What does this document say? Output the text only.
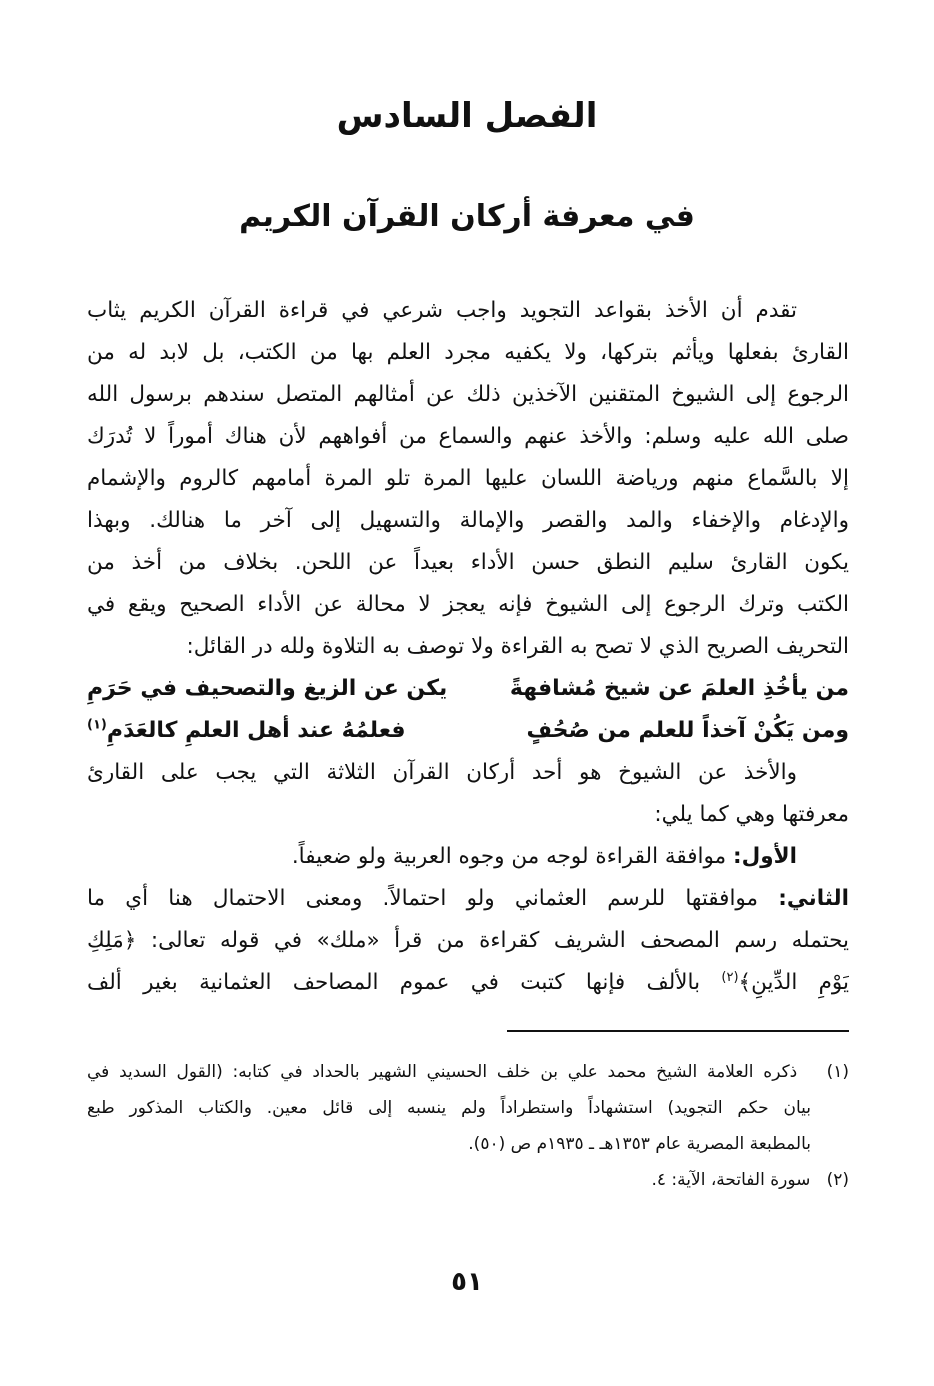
الفصل السادس
في معرفة أركان القرآن الكريم
تقدم أن الأخذ بقواعد التجويد واجب شرعي في قراءة القرآن الكريم يثاب
القارئ بفعلها ويأثم بتركها، ولا يكفيه مجرد العلم بها من الكتب، بل لابد له من
الرجوع إلى الشيوخ المتقنين الآخذين ذلك عن أمثالهم المتصل سندهم برسول الله
صلى الله عليه وسلم: والأخذ عنهم والسماع من أفواههم لأن هناك أموراً لا تُدرَك
إلا بالسَّماع منهم ورياضة اللسان عليها المرة تلو المرة أمامهم كالروم والإشمام
والإدغام والإخفاء والمد والقصر والإمالة والتسهيل إلى آخر ما هنالك. وبهذا
يكون القارئ سليم النطق حسن الأداء بعيداً عن اللحن. بخلاف من أخذ من
الكتب وترك الرجوع إلى الشيوخ فإنه يعجز لا محالة عن الأداء الصحيح ويقع في
التحريف الصريح الذي لا تصح به القراءة ولا توصف به التلاوة ولله در القائل:
من يأخُذِ العلمَ عن شيخ مُشافهةً
يكن عن الزيغ والتصحيف في حَرَمِ
ومن يَكُنْ آخذاً للعلم من صُحُفٍ
فعلمُهُ عند أهل العلمِ كالعَدَمِ$^{(١)}$
والأخذ عن الشيوخ هو أحد أركان القرآن الثلاثة التي يجب على القارئ
معرفتها وهي كما يلي:
الأول: موافقة القراءة لوجه من وجوه العربية ولو ضعيفاً.
الثاني: موافقتها للرسم العثماني ولو احتمالاً. ومعنى الاحتمال هنا أي ما
يحتمله رسم المصحف الشريف كقراءة من قرأ «ملك» في قوله تعالى: ﴿مَلِكِ
يَوْمِ الدِّينِ﴾$^{(٢)}$ بالألف فإنها كتبت في عموم المصاحف العثمانية بغير ألف
(١)   ذكره العلامة الشيخ محمد علي بن خلف الحسيني الشهير بالحداد في كتابه: (القول السديد في
بيان حكم التجويد) استشهاداً واستطراداً ولم ينسبه إلى قائل معين. والكتاب المذكور طبع
بالمطبعة المصرية عام ١٣٥٣هـ ـ ١٩٣٥م ص (٥٠).
(٢)   سورة الفاتحة، الآية: ٤.
٥١
